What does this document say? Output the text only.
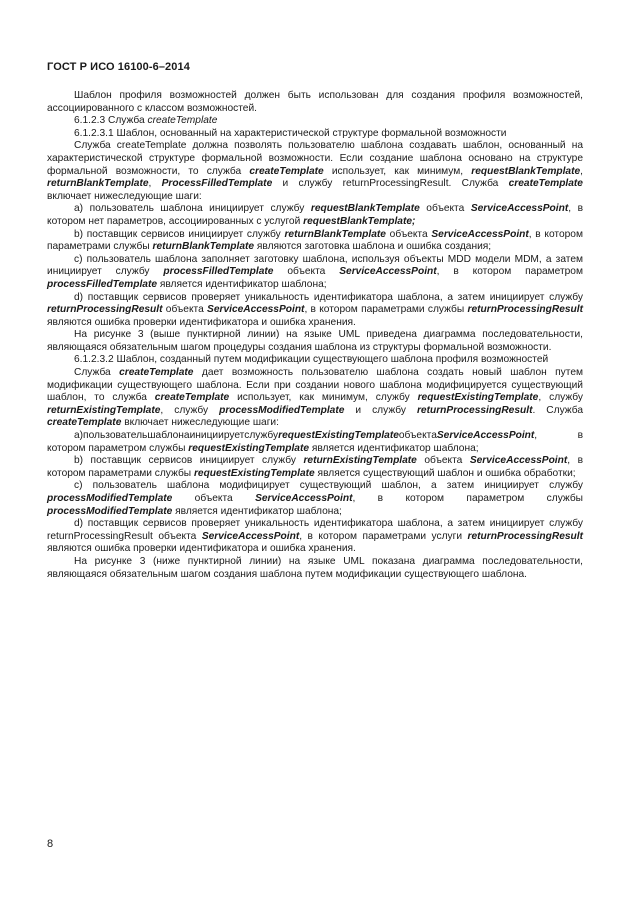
ГОСТ Р ИСО 16100-6–2014

Шаблон профиля возможностей должен быть использован для создания профиля возможностей, ассоциированного с классом возможностей.

6.1.2.3 Служба createTemplate

6.1.2.3.1 Шаблон, основанный на характеристической структуре формальной возможности

Служба createTemplate должна позволять пользователю шаблона создавать шаблон, основанный на характеристической структуре формальной возможности. Если создание шаблона основано на структуре формальной возможности, то служба createTemplate использует, как минимум, requestBlankTemplate, returnBlankTemplate, ProcessFilledTemplate и службу returnProcessingResult. Cлужба createTemplate включает нижеследующие шаги:

a) пользователь шаблона инициирует службу requestBlankTemplate объекта ServiceAccessPoint, в котором нет параметров, ассоциированных с услугой requestBlankTemplate;

b) поставщик сервисов инициирует службу returnBlankTemplate объекта ServiceAccessPoint, в котором параметрами службы returnBlankTemplate являются заготовка шаблона и ошибка создания;

c) пользователь шаблона заполняет заготовку шаблона, используя объекты MDD модели MDM, а затем инициирует службу processFilledTemplate объекта ServiceAccessPoint, в котором параметром processFilledTemplate является идентификатор шаблона;

d) поставщик сервисов проверяет уникальность идентификатора шаблона, а затем инициирует службу returnProcessingResult объекта ServiceAccessPoint, в котором параметрами службы returnProcessingResult являются ошибка проверки идентификатора и ошибка хранения.

На рисунке 3 (выше пунктирной линии) на языке UML приведена диаграмма последовательности, являющаяся обязательным шагом процедуры создания шаблона из структуры формальной возможности.

6.1.2.3.2 Шаблон, созданный путем модификации существующего шаблона профиля возможностей

Служба createTemplate дает возможность пользователю шаблона создать новый шаблон путем модификации существующего шаблона. Если при создании нового шаблона модифицируется существующий шаблон, то служба createTemplate использует, как минимум, службу requestExistingTemplate, службу returnExistingTemplate, службу processModifiedTemplate и службу returnProcessingResult. Служба createTemplate включает нижеследующие шаги:

a)пользовательшаблонаинициируетслужбуrequestExistingTemplateобъектаServiceAccessPoint, в котором параметром службы requestExistingTemplate является идентификатор шаблона;

b) поставщик сервисов инициирует службу returnExistingTemplate объекта ServiceAccessPoint, в котором параметрами службы requestExistingTemplate является существующий шаблон и ошибка обработки;

c) пользователь шаблона модифицирует существующий шаблон, а затем инициирует службу processModifiedTemplate объекта ServiceAccessPoint, в котором параметром службы processModifiedTemplate является идентификатор шаблона;

d) поставщик сервисов проверяет уникальность идентификатора шаблона, а затем инициирует службу returnProcessingResult объекта ServiceAccessPoint, в котором параметрами услуги returnProcessingResult являются ошибка проверки идентификатора и ошибка хранения.

На рисунке 3 (ниже пунктирной линии) на языке UML показана диаграмма последовательности, являющаяся обязательным шагом создания шаблона путем модификации существующего шаблона.

8
